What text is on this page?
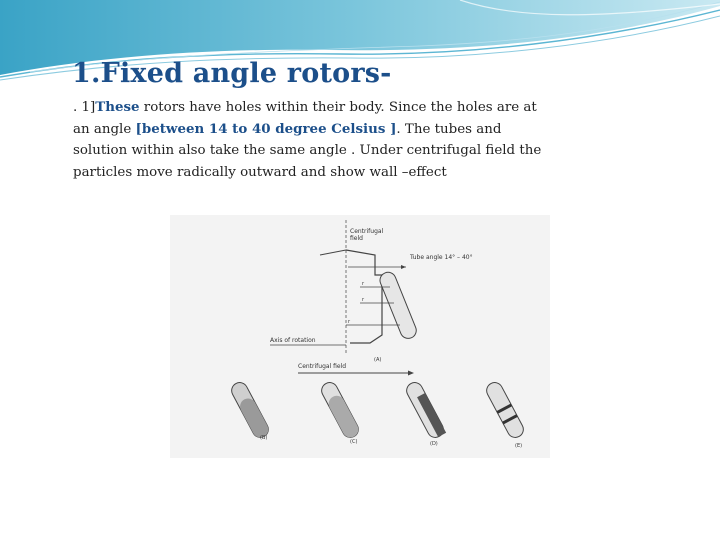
1.Fixed angle rotors-
. 1]These rotors have holes within their body. Since the holes are at an angle [between 14 to 40 degree Celsius ]. The tubes and solution within also take the same angle . Under centrifugal field the particles move radically outward and show wall –effect
Centrifugal
field
Tube angle 14° – 40°
r
r
r
Axis of rotation
(A)
Centrifugal field
(B)
(C)	(D)	(E)
